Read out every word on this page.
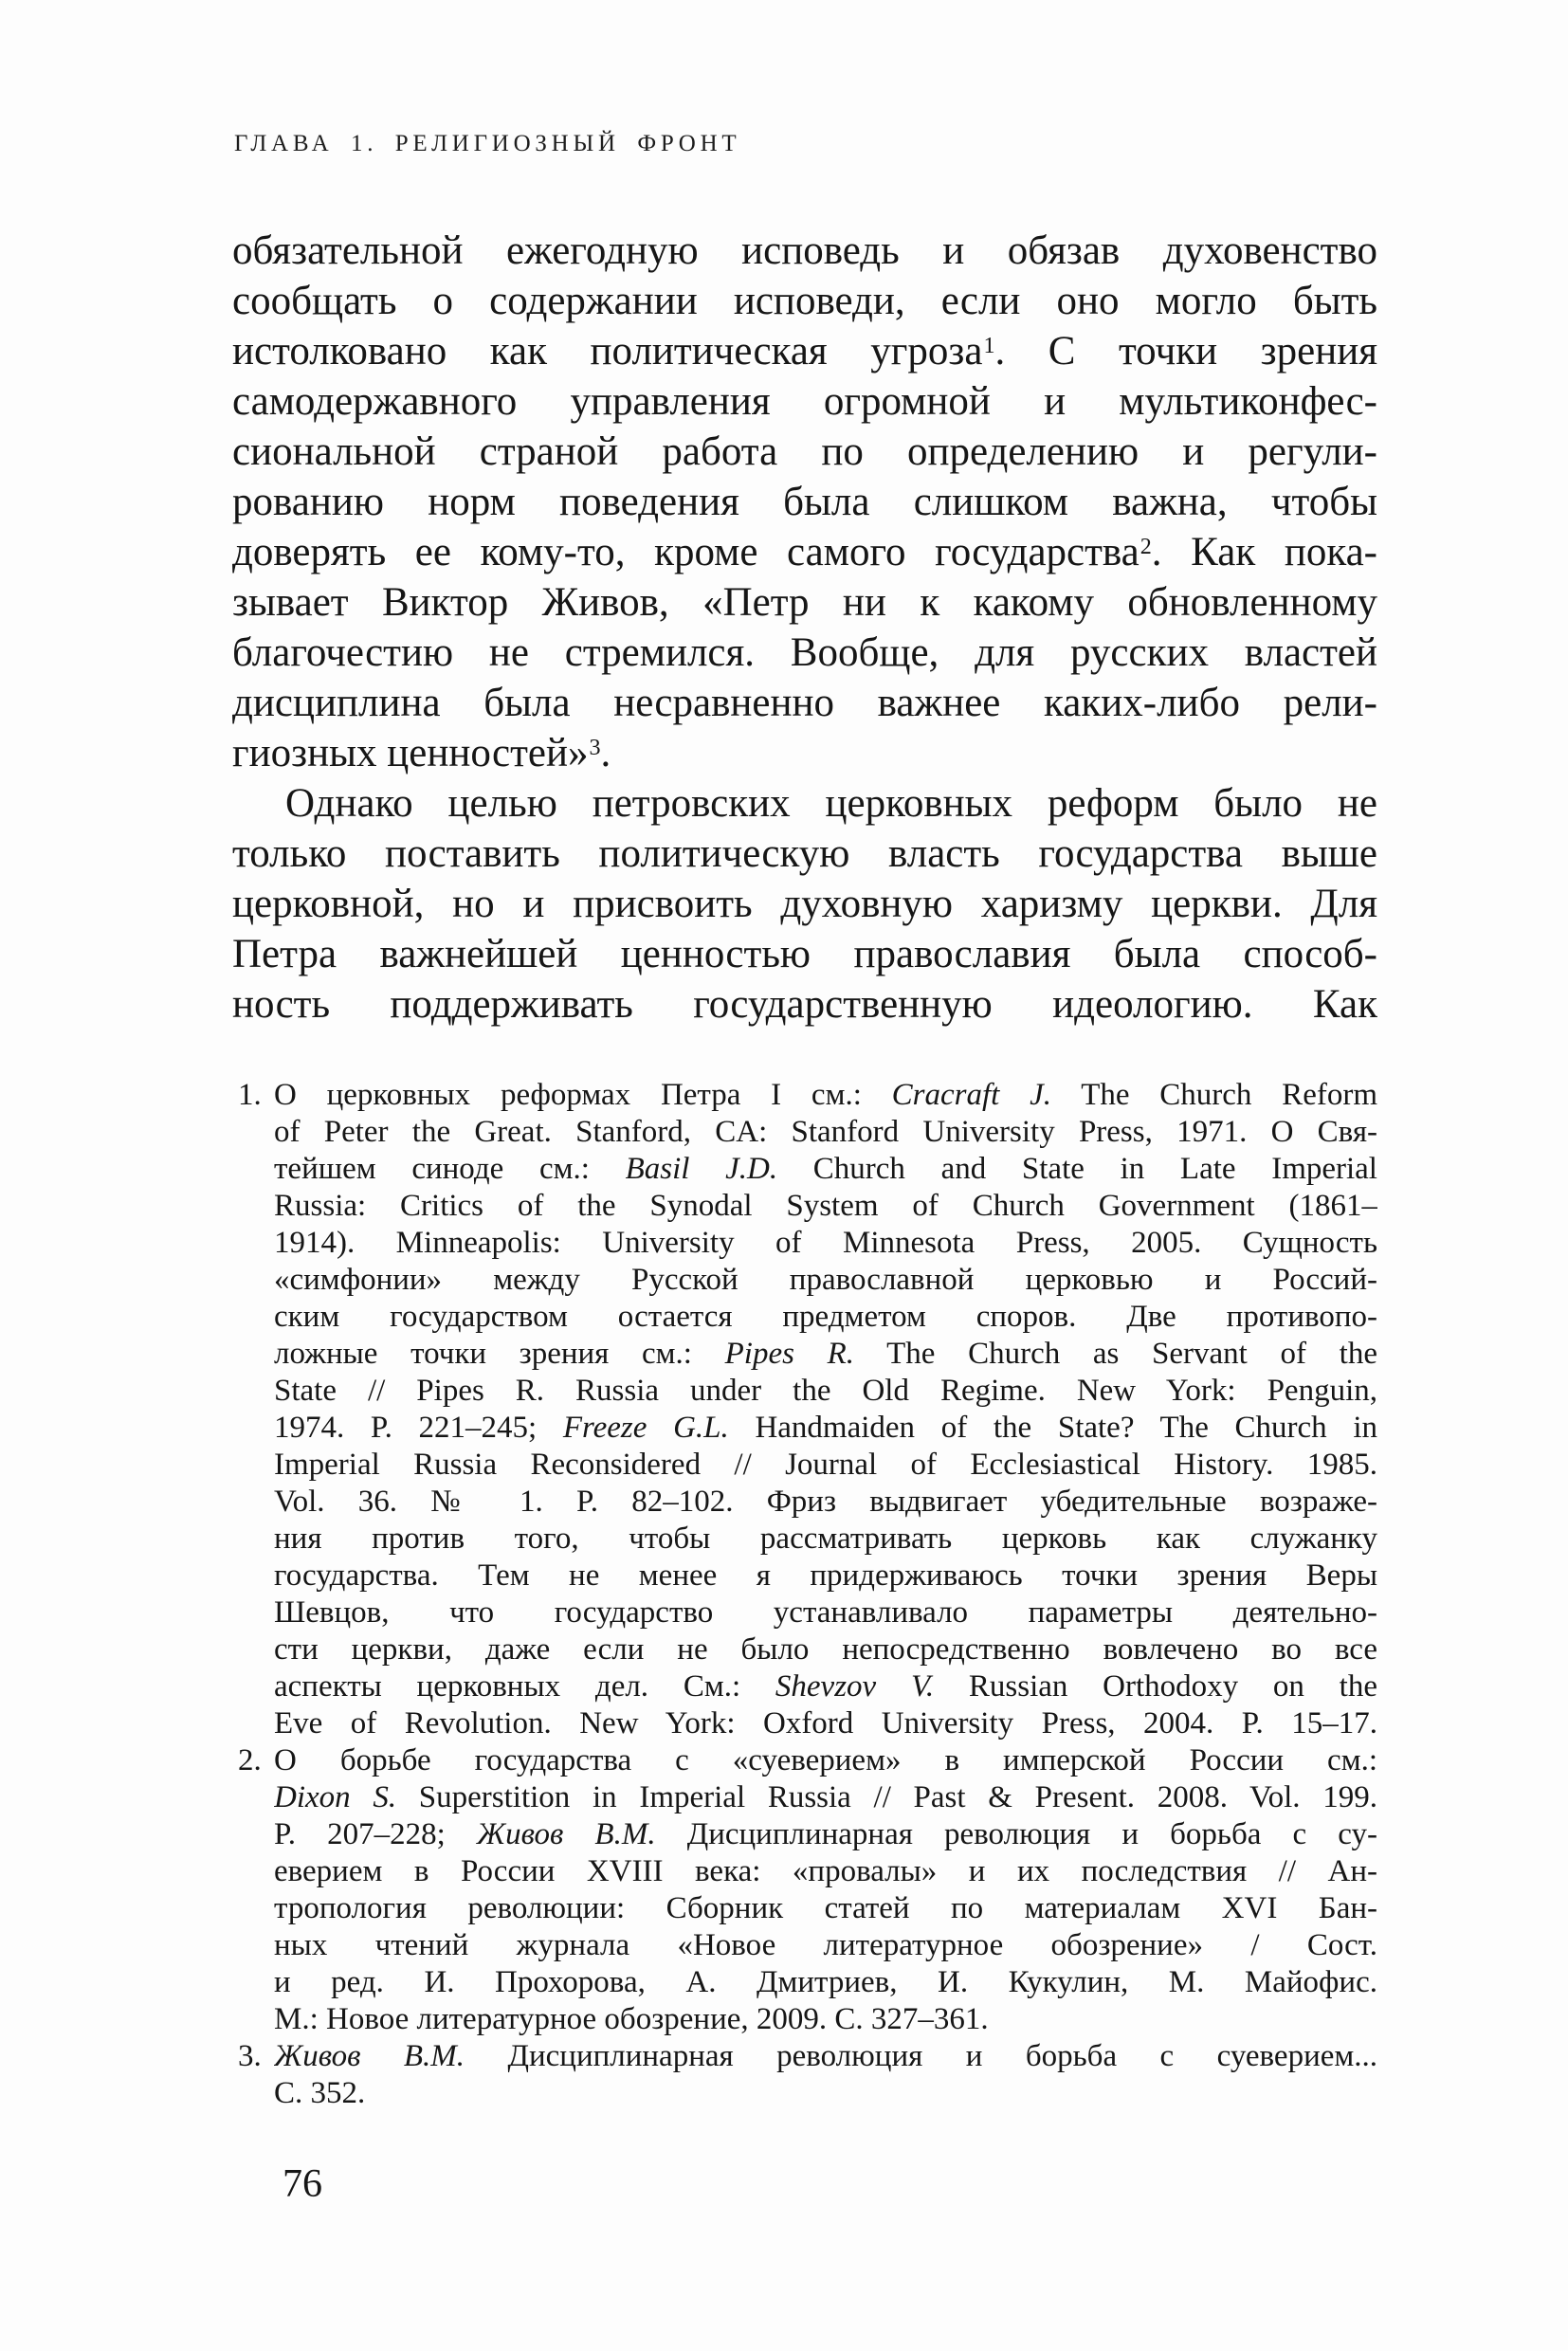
ГЛАВА 1. РЕЛИГИОЗНЫЙ ФРОНТ
обязательной ежегодную исповедь и обязав духовенство
сообщать о содержании исповеди, если оно могло быть
истолковано как политическая угроза$^1$. С точки зрения
самодержавного управления огромной и мультиконфес-
сиональной страной работа по определению и регули-
рованию норм поведения была слишком важна, чтобы
доверять ее кому-то, кроме самого государства$^2$. Как пока-
зывает Виктор Живов, «Петр ни к какому обновленному
благочестию не стремился. Вообще, для русских властей
дисциплина была несравненно важнее каких-либо рели-
гиозных ценностей»$^3$.
Однако целью петровских церковных реформ было не
только поставить политическую власть государства выше
церковной, но и присвоить духовную харизму церкви. Для
Петра важнейшей ценностью православия была способ-
ность поддерживать государственную идеологию. Как
1. О церковных реформах Петра I см.: Cracraft J. The Church Reform
of Peter the Great. Stanford, CA: Stanford University Press, 1971. О Свя-
тейшем синоде см.: Basil J.D. Church and State in Late Imperial
Russia: Critics of the Synodal System of Church Government (1861–
1914). Minneapolis: University of Minnesota Press, 2005. Сущность
«симфонии» между Русской православной церковью и Россий-
ским государством остается предметом споров. Две противопо-
ложные точки зрения см.: Pipes R. The Church as Servant of the
State // Pipes R. Russia under the Old Regime. New York: Penguin,
1974. P. 221–245; Freeze G.L. Handmaiden of the State? The Church in
Imperial Russia Reconsidered // Journal of Ecclesiastical History. 1985.
Vol. 36. № 1. P. 82–102. Фриз выдвигает убедительные возраже-
ния против того, чтобы рассматривать церковь как служанку
государства. Тем не менее я придерживаюсь точки зрения Веры
Шевцов, что государство устанавливало параметры деятельно-
сти церкви, даже если не было непосредственно вовлечено во все
аспекты церковных дел. См.: Shevzov V. Russian Orthodoxy on the
Eve of Revolution. New York: Oxford University Press, 2004. P. 15–17.
2. О борьбе государства с «суеверием» в имперской России см.:
Dixon S. Superstition in Imperial Russia // Past & Present. 2008. Vol. 199.
P. 207–228; Живов В.М. Дисциплинарная революция и борьба с су-
еверием в России XVIII века: «провалы» и их последствия // Ан-
тропология революции: Сборник статей по материалам XVI Бан-
ных чтений журнала «Новое литературное обозрение» / Сост.
и ред. И. Прохорова, А. Дмитриев, И. Кукулин, М. Майофис.
М.: Новое литературное обозрение, 2009. С. 327–361.
3. Живов В.М. Дисциплинарная революция и борьба с суеверием...
С. 352.
76
